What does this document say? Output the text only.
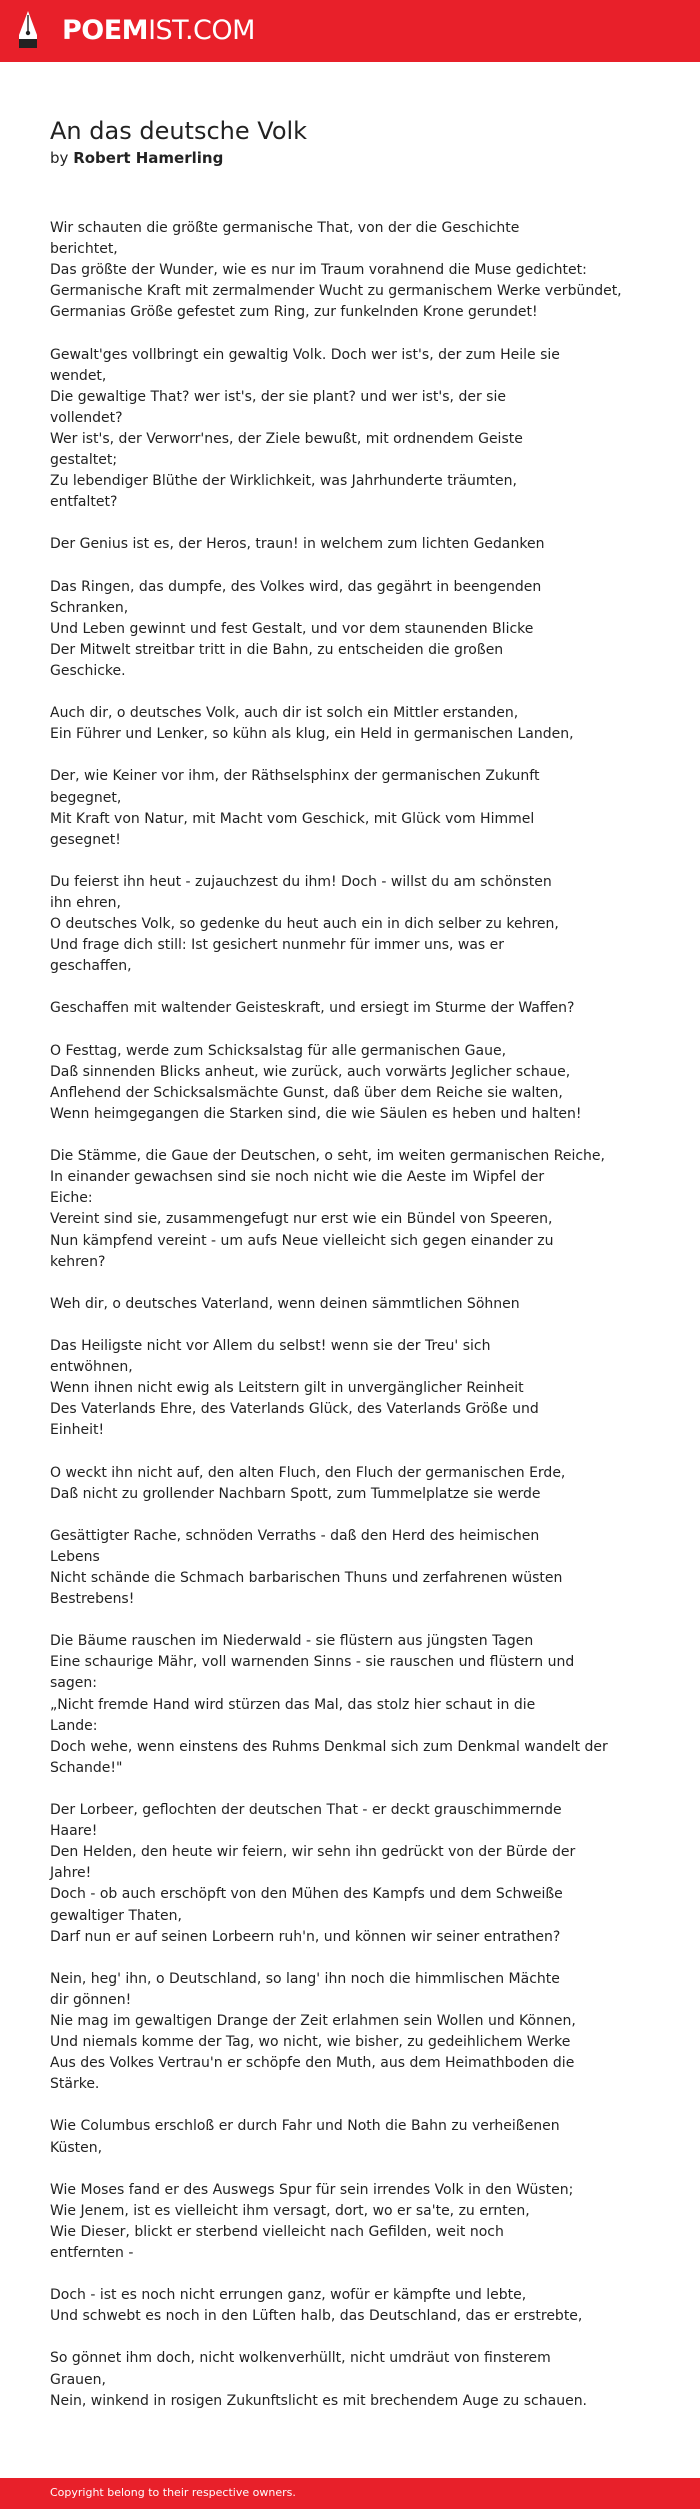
POEMIST.COM
An das deutsche Volk
by Robert Hamerling
Wir schauten die größte germanische That, von der die Geschichte
berichtet,
Das größte der Wunder, wie es nur im Traum vorahnend die Muse gedichtet:
Germanische Kraft mit zermalmender Wucht zu germanischem Werke verbündet,
Germanias Größe gefestet zum Ring, zur funkelnden Krone gerundet!
Gewalt'ges vollbringt ein gewaltig Volk. Doch wer ist's, der zum Heile sie
wendet,
Die gewaltige That? wer ist's, der sie plant? und wer ist's, der sie
vollendet?
Wer ist's, der Verworr'nes, der Ziele bewußt, mit ordnendem Geiste
gestaltet;
Zu lebendiger Blüthe der Wirklichkeit, was Jahrhunderte träumten,
entfaltet?
Der Genius ist es, der Heros, traun! in welchem zum lichten Gedanken
Das Ringen, das dumpfe, des Volkes wird, das gegährt in beengenden
Schranken,
Und Leben gewinnt und fest Gestalt, und vor dem staunenden Blicke
Der Mitwelt streitbar tritt in die Bahn, zu entscheiden die großen
Geschicke.
Auch dir, o deutsches Volk, auch dir ist solch ein Mittler erstanden,
Ein Führer und Lenker, so kühn als klug, ein Held in germanischen Landen,
Der, wie Keiner vor ihm, der Räthselsphinx der germanischen Zukunft
begegnet,
Mit Kraft von Natur, mit Macht vom Geschick, mit Glück vom Himmel
gesegnet!
Du feierst ihn heut - zujauchzest du ihm! Doch - willst du am schönsten
ihn ehren,
O deutsches Volk, so gedenke du heut auch ein in dich selber zu kehren,
Und frage dich still: Ist gesichert nunmehr für immer uns, was er
geschaffen,
Geschaffen mit waltender Geisteskraft, und ersiegt im Sturme der Waffen?
O Festtag, werde zum Schicksalstag für alle germanischen Gaue,
Daß sinnenden Blicks anheut, wie zurück, auch vorwärts Jeglicher schaue,
Anflehend der Schicksalsmächte Gunst, daß über dem Reiche sie walten,
Wenn heimgegangen die Starken sind, die wie Säulen es heben und halten!
Die Stämme, die Gaue der Deutschen, o seht, im weiten germanischen Reiche,
In einander gewachsen sind sie noch nicht wie die Aeste im Wipfel der
Eiche:
Vereint sind sie, zusammengefugt nur erst wie ein Bündel von Speeren,
Nun kämpfend vereint - um aufs Neue vielleicht sich gegen einander zu
kehren?
Weh dir, o deutsches Vaterland, wenn deinen sämmtlichen Söhnen
Das Heiligste nicht vor Allem du selbst! wenn sie der Treu' sich
entwöhnen,
Wenn ihnen nicht ewig als Leitstern gilt in unvergänglicher Reinheit
Des Vaterlands Ehre, des Vaterlands Glück, des Vaterlands Größe und
Einheit!
O weckt ihn nicht auf, den alten Fluch, den Fluch der germanischen Erde,
Daß nicht zu grollender Nachbarn Spott, zum Tummelplatze sie werde
Gesättigter Rache, schnöden Verraths - daß den Herd des heimischen
Lebens
Nicht schände die Schmach barbarischen Thuns und zerfahrenen wüsten
Bestrebens!
Die Bäume rauschen im Niederwald - sie flüstern aus jüngsten Tagen
Eine schaurige Mähr, voll warnenden Sinns - sie rauschen und flüstern und
sagen:
„Nicht fremde Hand wird stürzen das Mal, das stolz hier schaut in die
Lande:
Doch wehe, wenn einstens des Ruhms Denkmal sich zum Denkmal wandelt der
Schande!"
Der Lorbeer, geflochten der deutschen That - er deckt grauschimmernde
Haare!
Den Helden, den heute wir feiern, wir sehn ihn gedrückt von der Bürde der
Jahre!
Doch - ob auch erschöpft von den Mühen des Kampfs und dem Schweiße
gewaltiger Thaten,
Darf nun er auf seinen Lorbeern ruh'n, und können wir seiner entrathen?
Nein, heg' ihn, o Deutschland, so lang' ihn noch die himmlischen Mächte
dir gönnen!
Nie mag im gewaltigen Drange der Zeit erlahmen sein Wollen und Können,
Und niemals komme der Tag, wo nicht, wie bisher, zu gedeihlichem Werke
Aus des Volkes Vertrau'n er schöpfe den Muth, aus dem Heimathboden die
Stärke.
Wie Columbus erschloß er durch Fahr und Noth die Bahn zu verheißenen
Küsten,
Wie Moses fand er des Auswegs Spur für sein irrendes Volk in den Wüsten;
Wie Jenem, ist es vielleicht ihm versagt, dort, wo er sa'te, zu ernten,
Wie Dieser, blickt er sterbend vielleicht nach Gefilden, weit noch
entfernten -
Doch - ist es noch nicht errungen ganz, wofür er kämpfte und lebte,
Und schwebt es noch in den Lüften halb, das Deutschland, das er erstrebte,
So gönnet ihm doch, nicht wolkenverhüllt, nicht umdräut von finsterem
Grauen,
Nein, winkend in rosigen Zukunftslicht es mit brechendem Auge zu schauen.
Copyright belong to their respective owners.
